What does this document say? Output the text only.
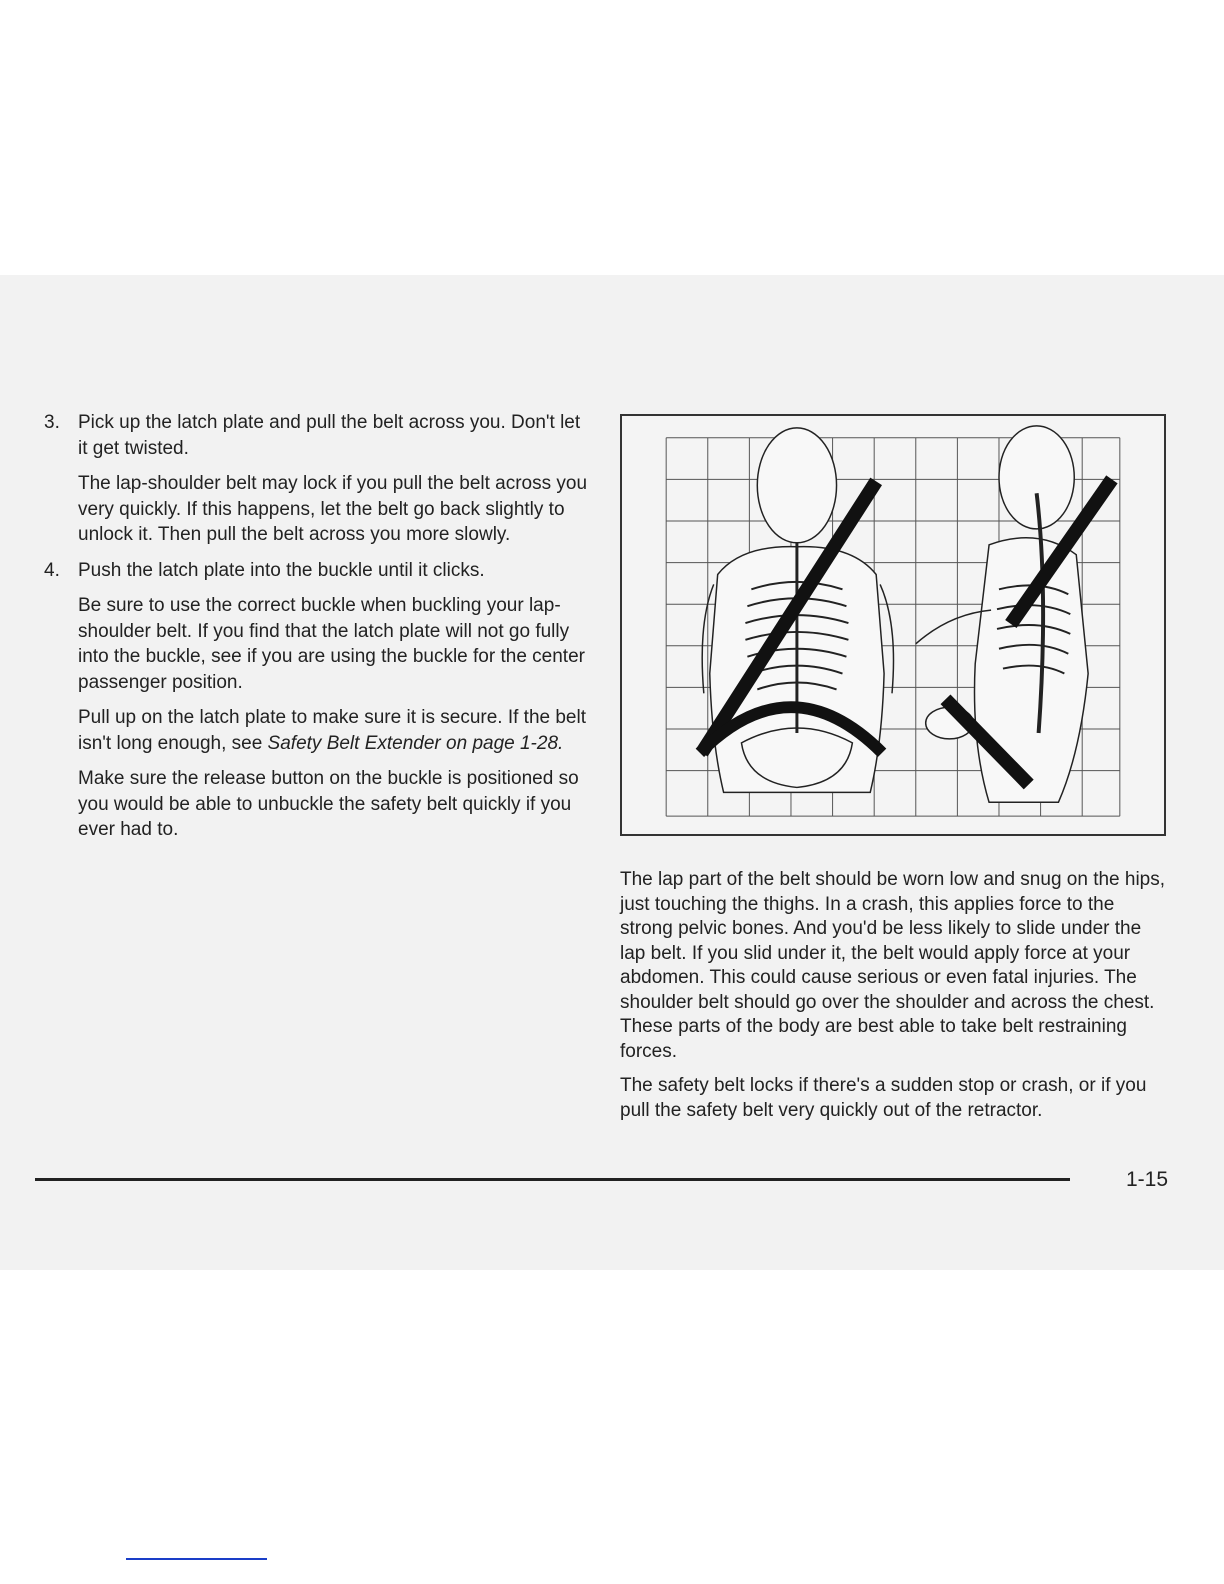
3. Pick up the latch plate and pull the belt across you. Don't let it get twisted.

The lap-shoulder belt may lock if you pull the belt across you very quickly. If this happens, let the belt go back slightly to unlock it. Then pull the belt across you more slowly.

4. Push the latch plate into the buckle until it clicks.

Be sure to use the correct buckle when buckling your lap-shoulder belt. If you find that the latch plate will not go fully into the buckle, see if you are using the buckle for the center passenger position.

Pull up on the latch plate to make sure it is secure. If the belt isn't long enough, see Safety Belt Extender on page 1-28.

Make sure the release button on the buckle is positioned so you would be able to unbuckle the safety belt quickly if you ever had to.

The lap part of the belt should be worn low and snug on the hips, just touching the thighs. In a crash, this applies force to the strong pelvic bones. And you'd be less likely to slide under the lap belt. If you slid under it, the belt would apply force at your abdomen. This could cause serious or even fatal injuries. The shoulder belt should go over the shoulder and across the chest. These parts of the body are best able to take belt restraining forces.

The safety belt locks if there's a sudden stop or crash, or if you pull the safety belt very quickly out of the retractor.

1-15
